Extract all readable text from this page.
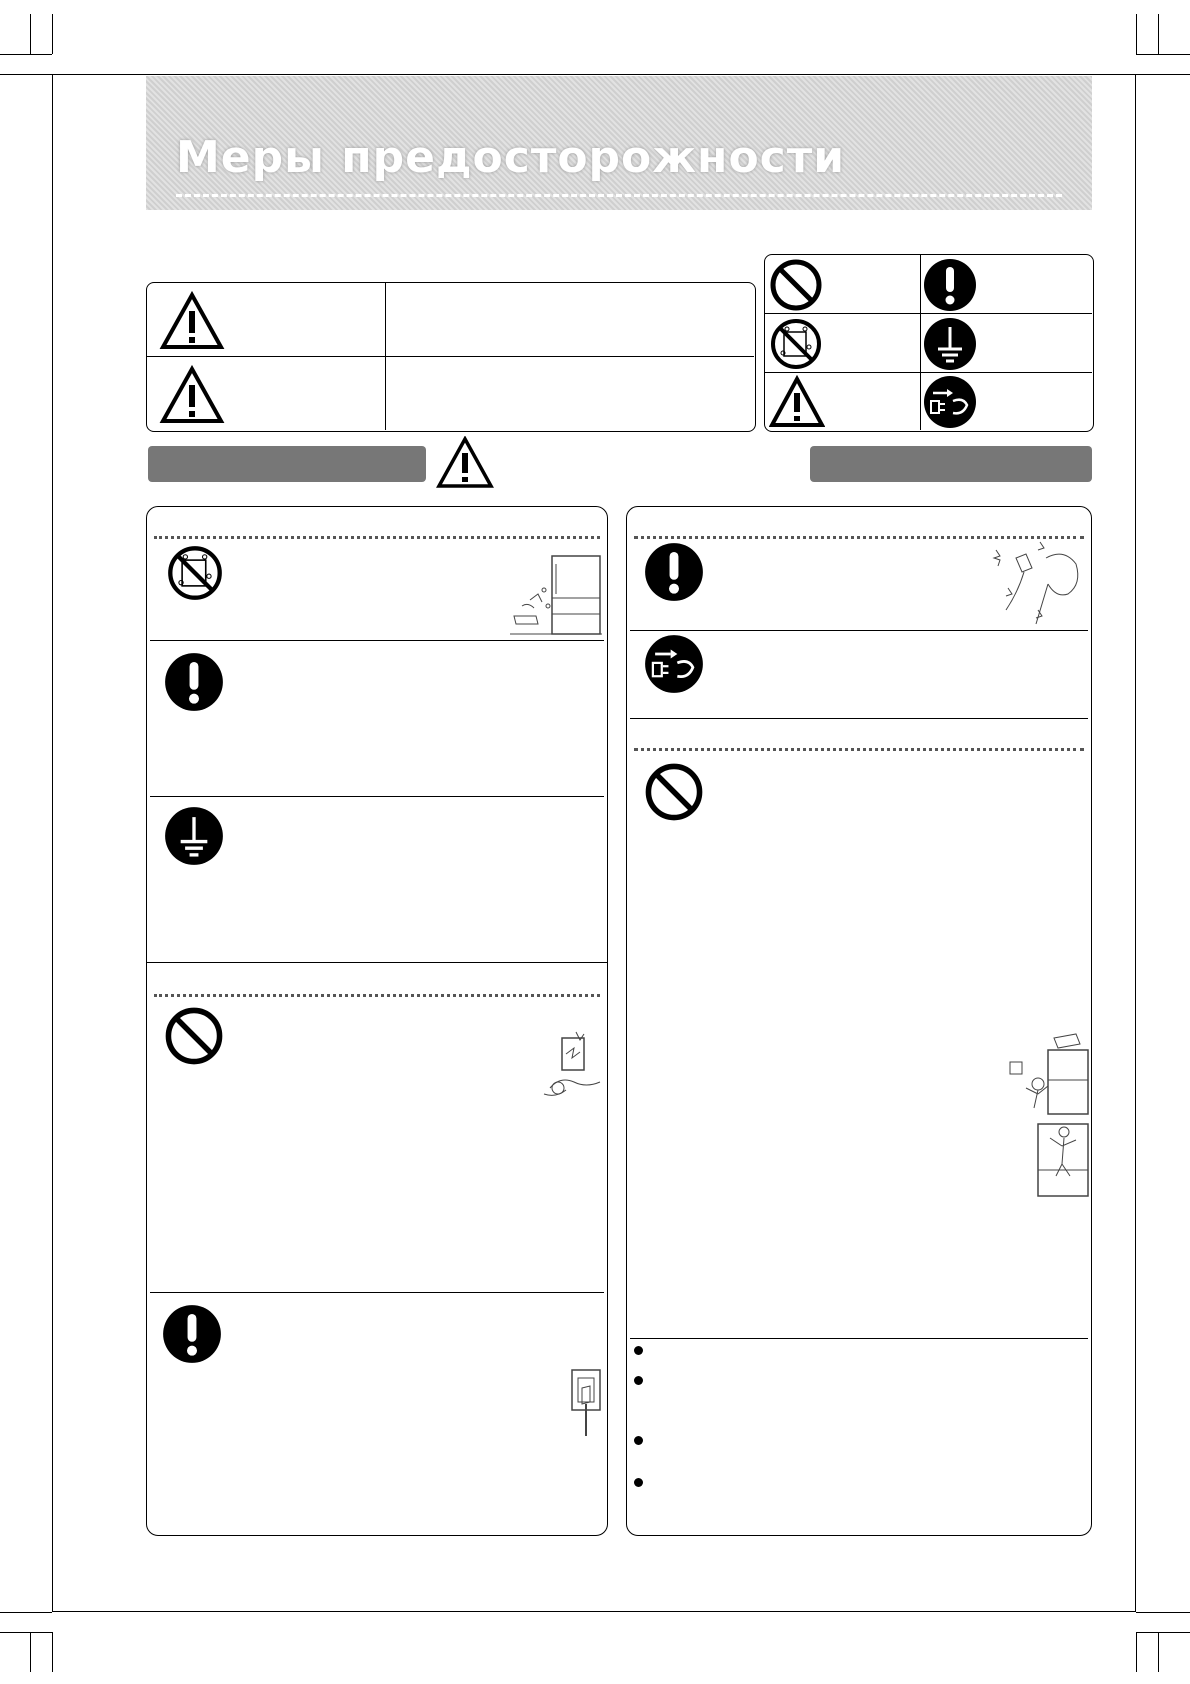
Меры предосторожности
